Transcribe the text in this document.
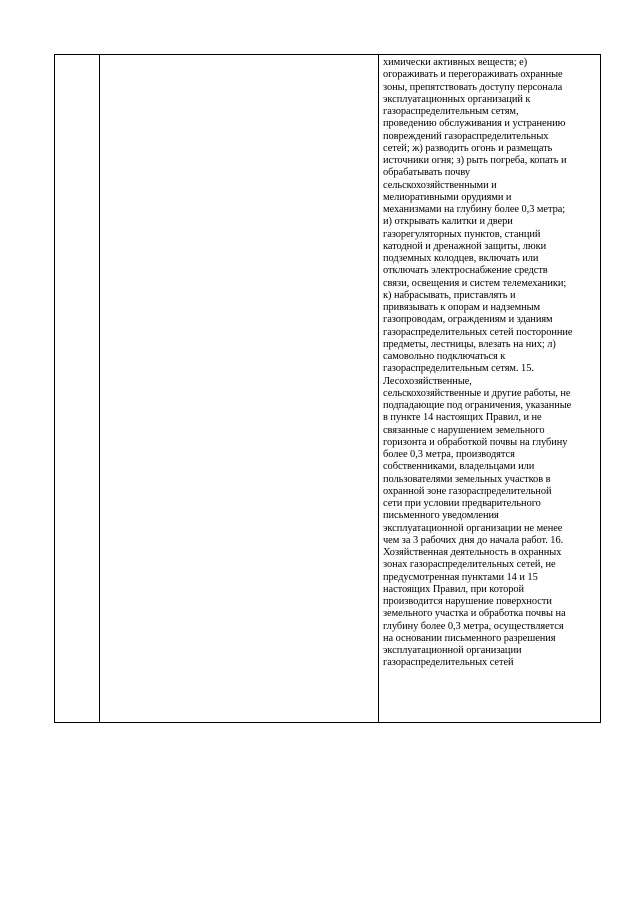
химически активных веществ; е)
огораживать и перегораживать охранные
зоны, препятствовать доступу персонала
эксплуатационных организаций к
газораспределительным сетям,
проведению обслуживания и устранению
повреждений газораспределительных
сетей; ж) разводить огонь и размещать
источники огня; з) рыть погреба, копать и
обрабатывать почву
сельскохозяйственными и
мелиоративными орудиями и
механизмами на глубину более 0,3 метра;
и) открывать калитки и двери
газорегуляторных пунктов, станций
катодной и дренажной защиты, люки
подземных колодцев, включать или
отключать электроснабжение средств
связи, освещения и систем телемеханики;
к) набрасывать, приставлять и
привязывать к опорам и надземным
газопроводам, ограждениям и зданиям
газораспределительных сетей посторонние
предметы, лестницы, влезать на них; л)
самовольно подключаться к
газораспределительным сетям. 15.
Лесохозяйственные,
сельскохозяйственные и другие работы, не
подпадающие под ограничения, указанные
в пункте 14 настоящих Правил, и не
связанные с нарушением земельного
горизонта и обработкой почвы на глубину
более 0,3 метра, производятся
собственниками, владельцами или
пользователями земельных участков в
охранной зоне газораспределительной
сети при условии предварительного
письменного уведомления
эксплуатационной организации не менее
чем за 3 рабочих дня до начала работ. 16.
Хозяйственная деятельность в охранных
зонах газораспределительных сетей, не
предусмотренная пунктами 14 и 15
настоящих Правил, при которой
производится нарушение поверхности
земельного участка и обработка почвы на
глубину более 0,3 метра, осуществляется
на основании письменного разрешения
эксплуатационной организации
газораспределительных сетей
